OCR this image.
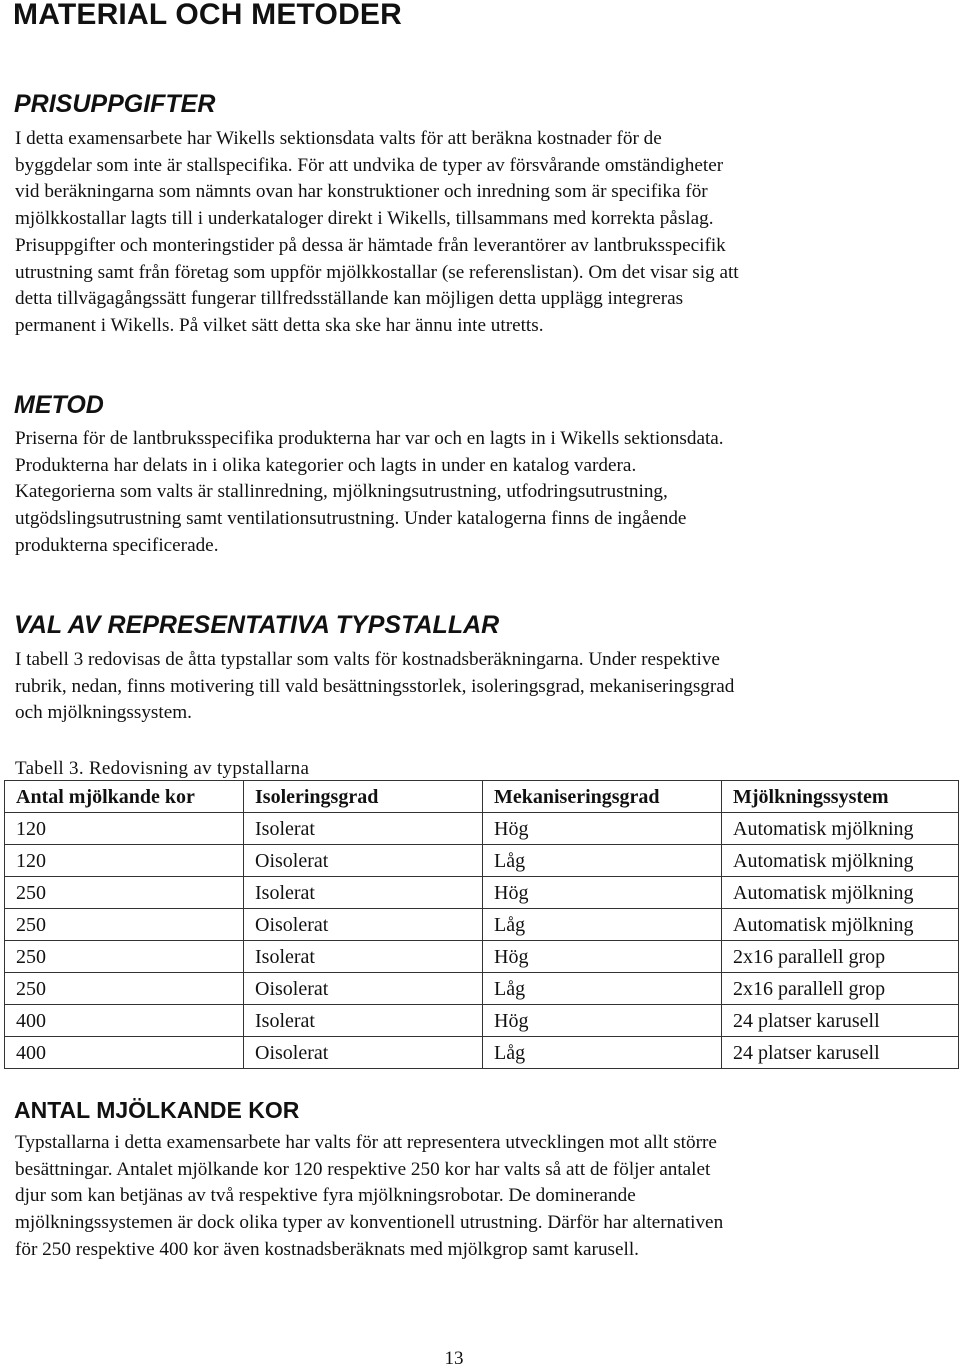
MATERIAL OCH METODER
PRISUPPGIFTER
I detta examensarbete har Wikells sektionsdata valts för att beräkna kostnader för de
byggdelar som inte är stallspecifika. För att undvika de typer av försvårande omständigheter
vid beräkningarna som nämnts ovan har konstruktioner och inredning som är specifika för
mjölkkostallar lagts till i underkataloger direkt i Wikells, tillsammans med korrekta påslag.
Prisuppgifter och monteringstider på dessa är hämtade från leverantörer av lantbruksspecifik
utrustning samt från företag som uppför mjölkkostallar (se referenslistan). Om det visar sig att
detta tillvägagångssätt fungerar tillfredsställande kan möjligen detta upplägg integreras
permanent i Wikells. På vilket sätt detta ska ske har ännu inte utretts.
METOD
Priserna för de lantbruksspecifika produkterna har var och en lagts in i Wikells sektionsdata.
Produkterna har delats in i olika kategorier och lagts in under en katalog vardera.
Kategorierna som valts är stallinredning, mjölkningsutrustning, utfodringsutrustning,
utgödslingsutrustning samt ventilationsutrustning. Under katalogerna finns de ingående
produkterna specificerade.
VAL AV REPRESENTATIVA TYPSTALLAR
I tabell 3 redovisas de åtta typstallar som valts för kostnadsberäkningarna. Under respektive
rubrik, nedan, finns motivering till vald besättningsstorlek, isoleringsgrad, mekaniseringsgrad
och mjölkningssystem.
Tabell 3. Redovisning av typstallarna
Antal mjölkande kor	Isoleringsgrad	Mekaniseringsgrad	Mjölkningssystem
120	Isolerat	Hög	Automatisk mjölkning
120	Oisolerat	Låg	Automatisk mjölkning
250	Isolerat	Hög	Automatisk mjölkning
250	Oisolerat	Låg	Automatisk mjölkning
250	Isolerat	Hög	2x16 parallell grop
250	Oisolerat	Låg	2x16 parallell grop
400	Isolerat	Hög	24 platser karusell
400	Oisolerat	Låg	24 platser karusell
ANTAL MJÖLKANDE KOR
Typstallarna i detta examensarbete har valts för att representera utvecklingen mot allt större
besättningar. Antalet mjölkande kor 120 respektive 250 kor har valts så att de följer antalet
djur som kan betjänas av två respektive fyra mjölkningsrobotar. De dominerande
mjölkningssystemen är dock olika typer av konventionell utrustning. Därför har alternativen
för 250 respektive 400 kor även kostnadsberäknats med mjölkgrop samt karusell.
13
